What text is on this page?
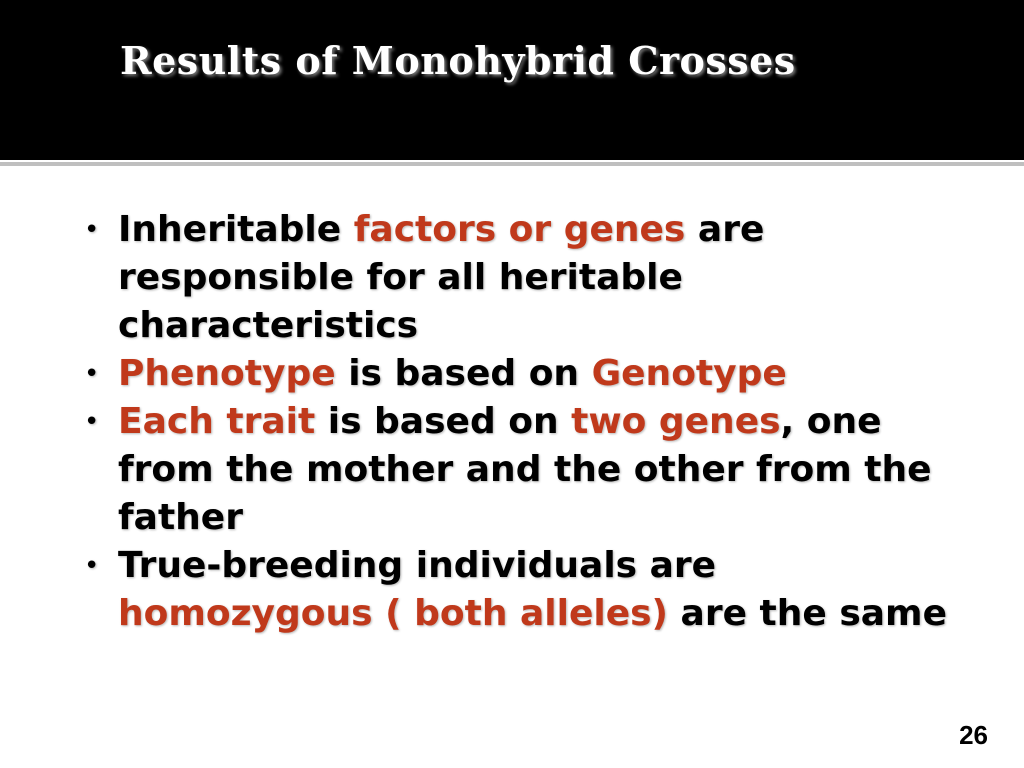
Results of Monohybrid Crosses
• Inheritable factors or genes are responsible for all heritable characteristics
• Phenotype is based on Genotype
• Each trait is based on two genes, one from the mother and the other from the father
• True-breeding individuals are homozygous ( both alleles) are the same
26
